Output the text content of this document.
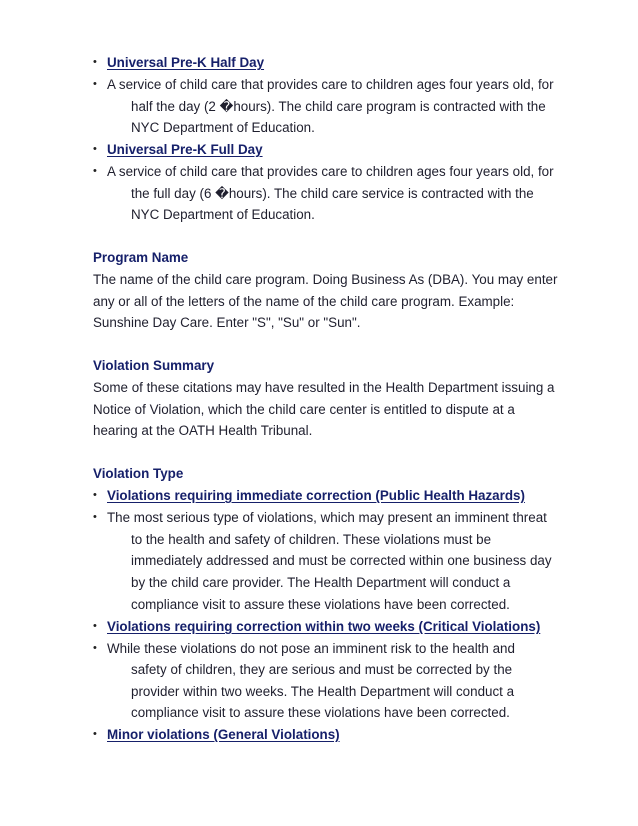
• Universal Pre-K Half Day
• A service of child care that provides care to children ages four years old, for
half the day (2 �hours). The child care program is contracted with the
NYC Department of Education.
• Universal Pre-K Full Day
• A service of child care that provides care to children ages four years old, for
the full day (6 �hours). The child care service is contracted with the
NYC Department of Education.
Program Name
The name of the child care program. Doing Business As (DBA). You may enter
any or all of the letters of the name of the child care program. Example:
Sunshine Day Care. Enter "S", "Su" or "Sun".
Violation Summary
Some of these citations may have resulted in the Health Department issuing a
Notice of Violation, which the child care center is entitled to dispute at a
hearing at the OATH Health Tribunal.
Violation Type
• Violations requiring immediate correction (Public Health Hazards)
• The most serious type of violations, which may present an imminent threat
to the health and safety of children. These violations must be
immediately addressed and must be corrected within one business day
by the child care provider. The Health Department will conduct a
compliance visit to assure these violations have been corrected.
• Violations requiring correction within two weeks (Critical Violations)
• While these violations do not pose an imminent risk to the health and
safety of children, they are serious and must be corrected by the
provider within two weeks. The Health Department will conduct a
compliance visit to assure these violations have been corrected.
• Minor violations (General Violations)
